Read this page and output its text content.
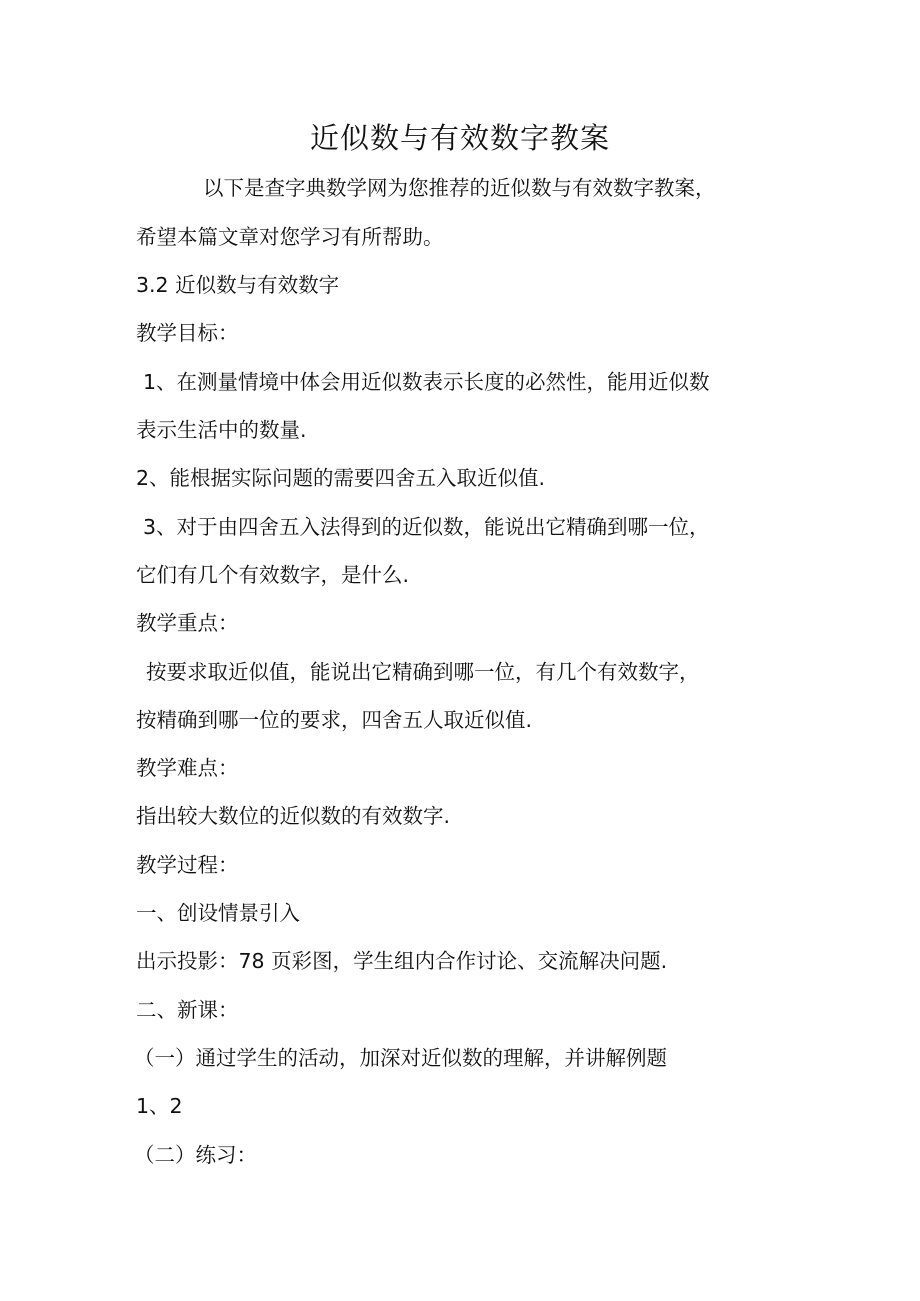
近似数与有效数字教案

以下是查字典数学网为您推荐的近似数与有效数字教案，

希望本篇文章对您学习有所帮助。

3.2 近似数与有效数字

教学目标：

1、在测量情境中体会用近似数表示长度的必然性，能用近似数

表示生活中的数量.

2、能根据实际问题的需要四舍五入取近似值.

3、对于由四舍五入法得到的近似数，能说出它精确到哪一位，

它们有几个有效数字，是什么.

教学重点：

按要求取近似值，能说出它精确到哪一位，有几个有效数字，

按精确到哪一位的要求，四舍五人取近似值.

教学难点：

指出较大数位的近似数的有效数字.

教学过程：

一、创设情景引入

出示投影：78 页彩图，学生组内合作讨论、交流解决问题.

二、新课：

（一）通过学生的活动，加深对近似数的理解，并讲解例题

1、2

（二）练习：
